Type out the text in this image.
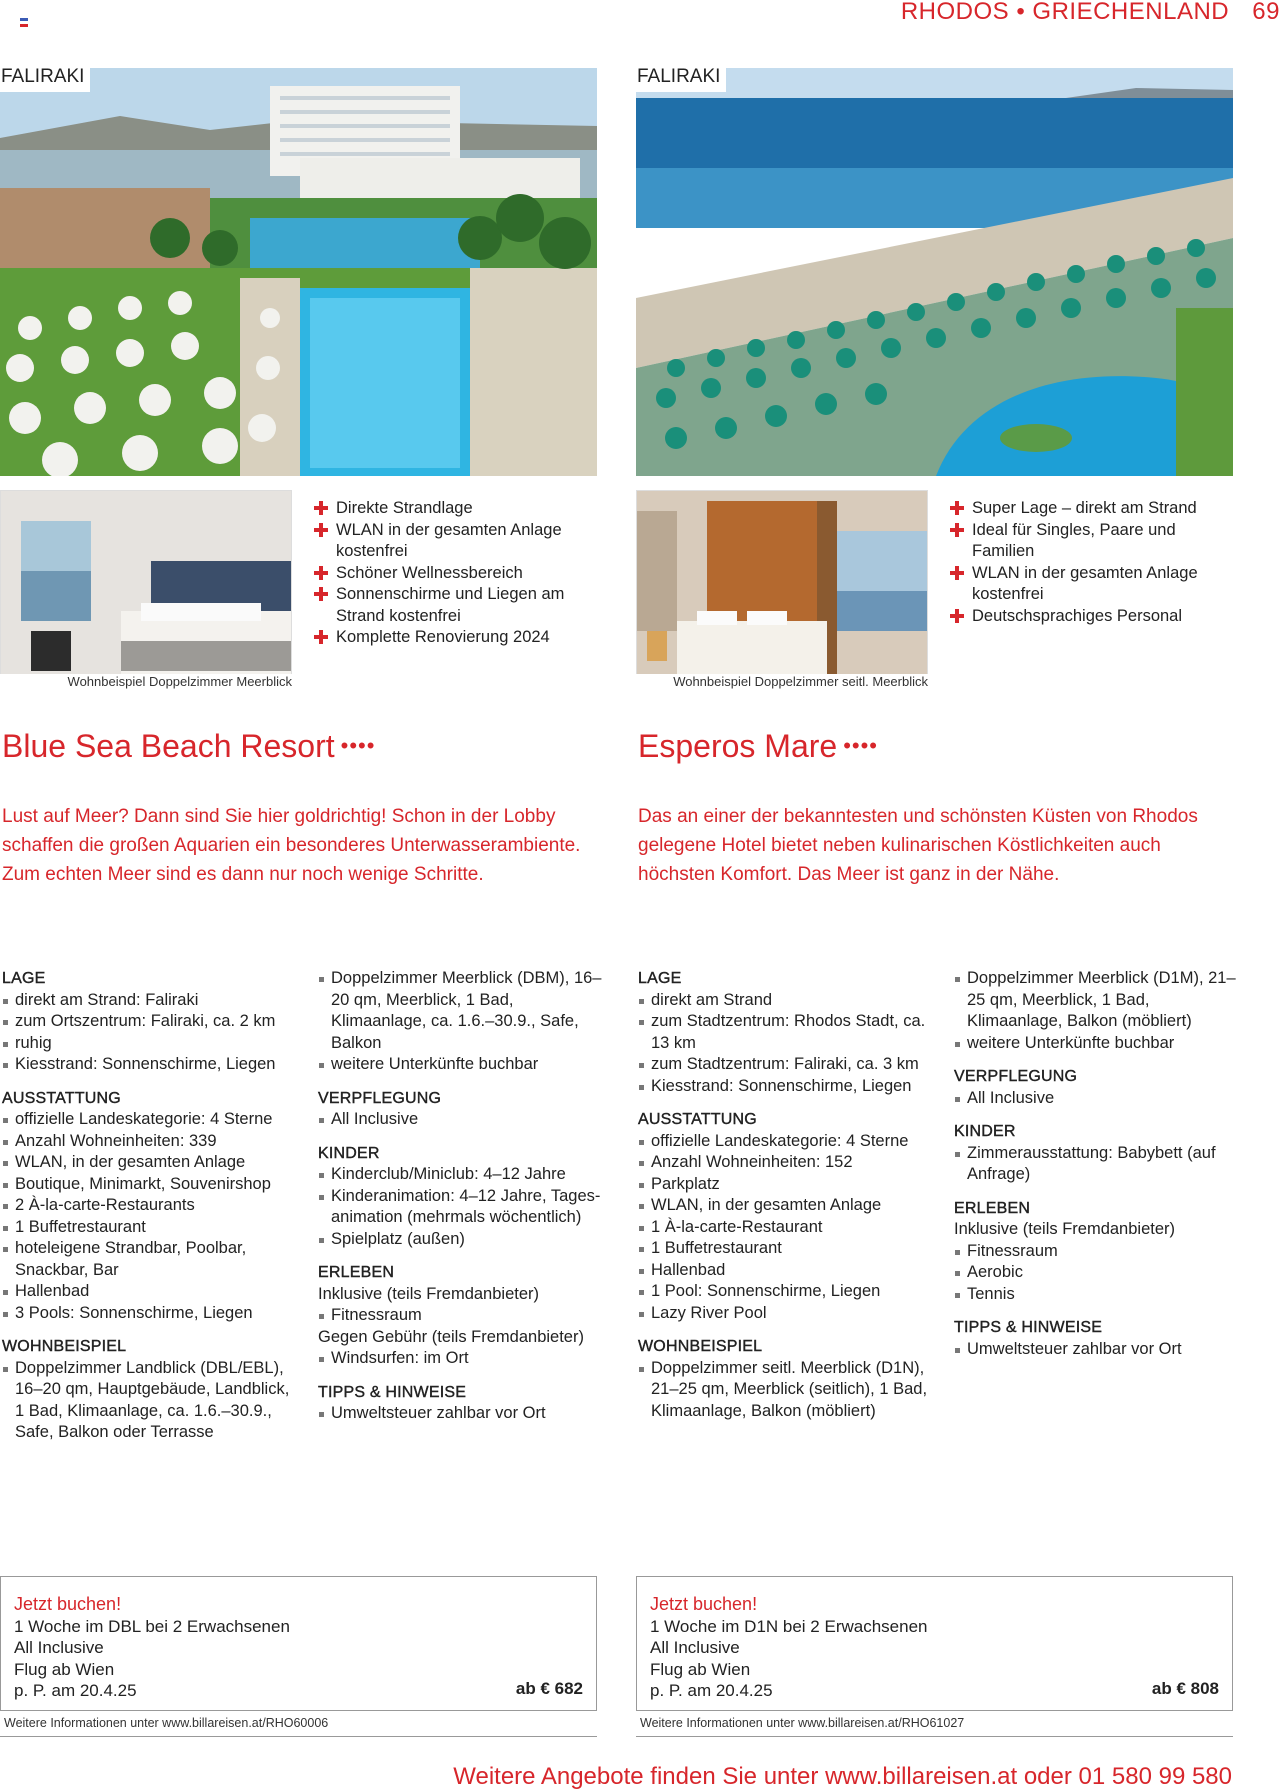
RHODOS • GRIECHENLAND 69
FALIRAKI
Wohnbeispiel Doppelzimmer Meerblick
Direkte Strandlage
WLAN in der gesamten Anlage kostenfrei
Schöner Wellnessbereich
Sonnenschirme und Liegen am Strand kostenfrei
Komplette Renovierung 2024
Blue Sea Beach Resort ••••
Lust auf Meer? Dann sind Sie hier goldrichtig! Schon in der Lobby schaffen die großen Aquarien ein besonderes Unterwasserambiente. Zum echten Meer sind es dann nur noch wenige Schritte.
LAGE
direkt am Strand: Faliraki
zum Ortszentrum: Faliraki, ca. 2 km
ruhig
Kiesstrand: Sonnenschirme, Liegen
AUSSTATTUNG
offizielle Landeskategorie: 4 Sterne
Anzahl Wohneinheiten: 339
WLAN, in der gesamten Anlage
Boutique, Minimarkt, Souvenirshop
2 À-la-carte-Restaurants
1 Buffetrestaurant
hoteleigene Strandbar, Poolbar, Snackbar, Bar
Hallenbad
3 Pools: Sonnenschirme, Liegen
WOHNBEISPIEL
Doppelzimmer Landblick (DBL/EBL), 16–20 qm, Hauptgebäude, Landblick, 1 Bad, Klimaanlage, ca. 1.6.–30.9., Safe, Balkon oder Terrasse
Doppelzimmer Meerblick (DBM), 16–20 qm, Meerblick, 1 Bad, Klimaanlage, ca. 1.6.–30.9., Safe, Balkon
weitere Unterkünfte buchbar
VERPFLEGUNG
All Inclusive
KINDER
Kinderclub/Miniclub: 4–12 Jahre
Kinderanimation: 4–12 Jahre, Tages-animation (mehrmals wöchentlich)
Spielplatz (außen)
ERLEBEN

Inklusive (teils Fremdanbieter)

Fitnessraum

Gegen Gebühr (teils Fremdanbieter)

Windsurfen: im Ort
TIPPS & HINWEISE
Umweltsteuer zahlbar vor Ort
Jetzt buchen!
1 Woche im DBL bei 2 Erwachsenen
All Inclusive
Flug ab Wien
p. P. am 20.4.25	ab € 682
Weitere Informationen unter www.billareisen.at/RHO60006
FALIRAKI
Wohnbeispiel Doppelzimmer seitl. Meerblick
Super Lage – direkt am Strand
Ideal für Singles, Paare und Familien
WLAN in der gesamten Anlage kostenfrei
Deutschsprachiges Personal
Esperos Mare ••••
Das an einer der bekanntesten und schönsten Küsten von Rhodos gelegene Hotel bietet neben kulinarischen Köstlichkeiten auch höchsten Komfort. Das Meer ist ganz in der Nähe.
LAGE
direkt am Strand
zum Stadtzentrum: Rhodos Stadt, ca. 13 km
zum Stadtzentrum: Faliraki, ca. 3 km
Kiesstrand: Sonnenschirme, Liegen
AUSSTATTUNG
offizielle Landeskategorie: 4 Sterne
Anzahl Wohneinheiten: 152
Parkplatz
WLAN, in der gesamten Anlage
1 À-la-carte-Restaurant
1 Buffetrestaurant
Hallenbad
1 Pool: Sonnenschirme, Liegen
Lazy River Pool
WOHNBEISPIEL
Doppelzimmer seitl. Meerblick (D1N), 21–25 qm, Meerblick (seitlich), 1 Bad, Klimaanlage, Balkon (möbliert)
Doppelzimmer Meerblick (D1M), 21–25 qm, Meerblick, 1 Bad, Klimaanlage, Balkon (möbliert)
weitere Unterkünfte buchbar
VERPFLEGUNG
All Inclusive
KINDER
Zimmerausstattung: Babybett (auf Anfrage)
ERLEBEN

Inklusive (teils Fremdanbieter)

Fitnessraum
Aerobic
Tennis
TIPPS & HINWEISE
Umweltsteuer zahlbar vor Ort
Jetzt buchen!
1 Woche im D1N bei 2 Erwachsenen
All Inclusive
Flug ab Wien
p. P. am 20.4.25	ab € 808
Weitere Informationen unter www.billareisen.at/RHO61027
Weitere Angebote finden Sie unter www.billareisen.at oder 01 580 99 580
